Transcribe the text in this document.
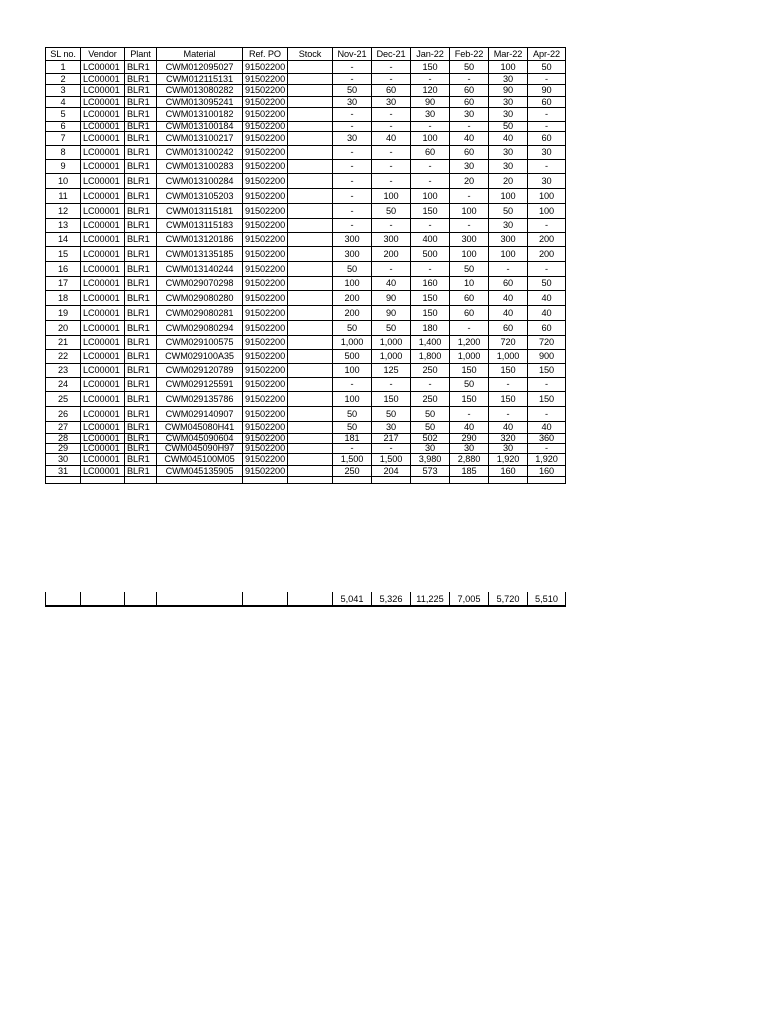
SL no.	Vendor	Plant	Material	Ref. PO	Stock	Nov-21	Dec-21	Jan-22	Feb-22	Mar-22	Apr-22
1	LC00001	BLR1	CWM012095027	91502200		-	-	150	50	100	50
2	LC00001	BLR1	CWM012115131	91502200		-	-	-	-	30	-
3	LC00001	BLR1	CWM013080282	91502200		50	60	120	60	90	90
4	LC00001	BLR1	CWM013095241	91502200		30	30	90	60	30	60
5	LC00001	BLR1	CWM013100182	91502200		-	-	30	30	30	-
6	LC00001	BLR1	CWM013100184	91502200		-	-	-	-	50	-
7	LC00001	BLR1	CWM013100217	91502200		30	40	100	40	40	60
8	LC00001	BLR1	CWM013100242	91502200		-	-	60	60	30	30
9	LC00001	BLR1	CWM013100283	91502200		-	-	-	30	30	-
10	LC00001	BLR1	CWM013100284	91502200		-	-	-	20	20	30
11	LC00001	BLR1	CWM013105203	91502200		-	100	100	-	100	100
12	LC00001	BLR1	CWM013115181	91502200		-	50	150	100	50	100
13	LC00001	BLR1	CWM013115183	91502200		-	-	-	-	30	-
14	LC00001	BLR1	CWM013120186	91502200		300	300	400	300	300	200
15	LC00001	BLR1	CWM013135185	91502200		300	200	500	100	100	200
16	LC00001	BLR1	CWM013140244	91502200		50	-	-	50	-	-
17	LC00001	BLR1	CWM029070298	91502200		100	40	160	10	60	50
18	LC00001	BLR1	CWM029080280	91502200		200	90	150	60	40	40
19	LC00001	BLR1	CWM029080281	91502200		200	90	150	60	40	40
20	LC00001	BLR1	CWM029080294	91502200		50	50	180	-	60	60
21	LC00001	BLR1	CWM029100575	91502200		1,000	1,000	1,400	1,200	720	720
22	LC00001	BLR1	CWM029100A35	91502200		500	1,000	1,800	1,000	1,000	900
23	LC00001	BLR1	CWM029120789	91502200		100	125	250	150	150	150
24	LC00001	BLR1	CWM029125591	91502200		-	-	-	50	-	-
25	LC00001	BLR1	CWM029135786	91502200		100	150	250	150	150	150
26	LC00001	BLR1	CWM029140907	91502200		50	50	50	-	-	-
27	LC00001	BLR1	CWM045080H41	91502200		50	30	50	40	40	40
28	LC00001	BLR1	CWM045090604	91502200		181	217	502	290	320	360
29	LC00001	BLR1	CWM045090H97	91502200		-	-	30	30	30	-
30	LC00001	BLR1	CWM045100M05	91502200		1,500	1,500	3,980	2,880	1,920	1,920
31	LC00001	BLR1	CWM045135905	91502200		250	204	573	185	160	160

						5,041	5,326	11,225	7,005	5,720	5,510
